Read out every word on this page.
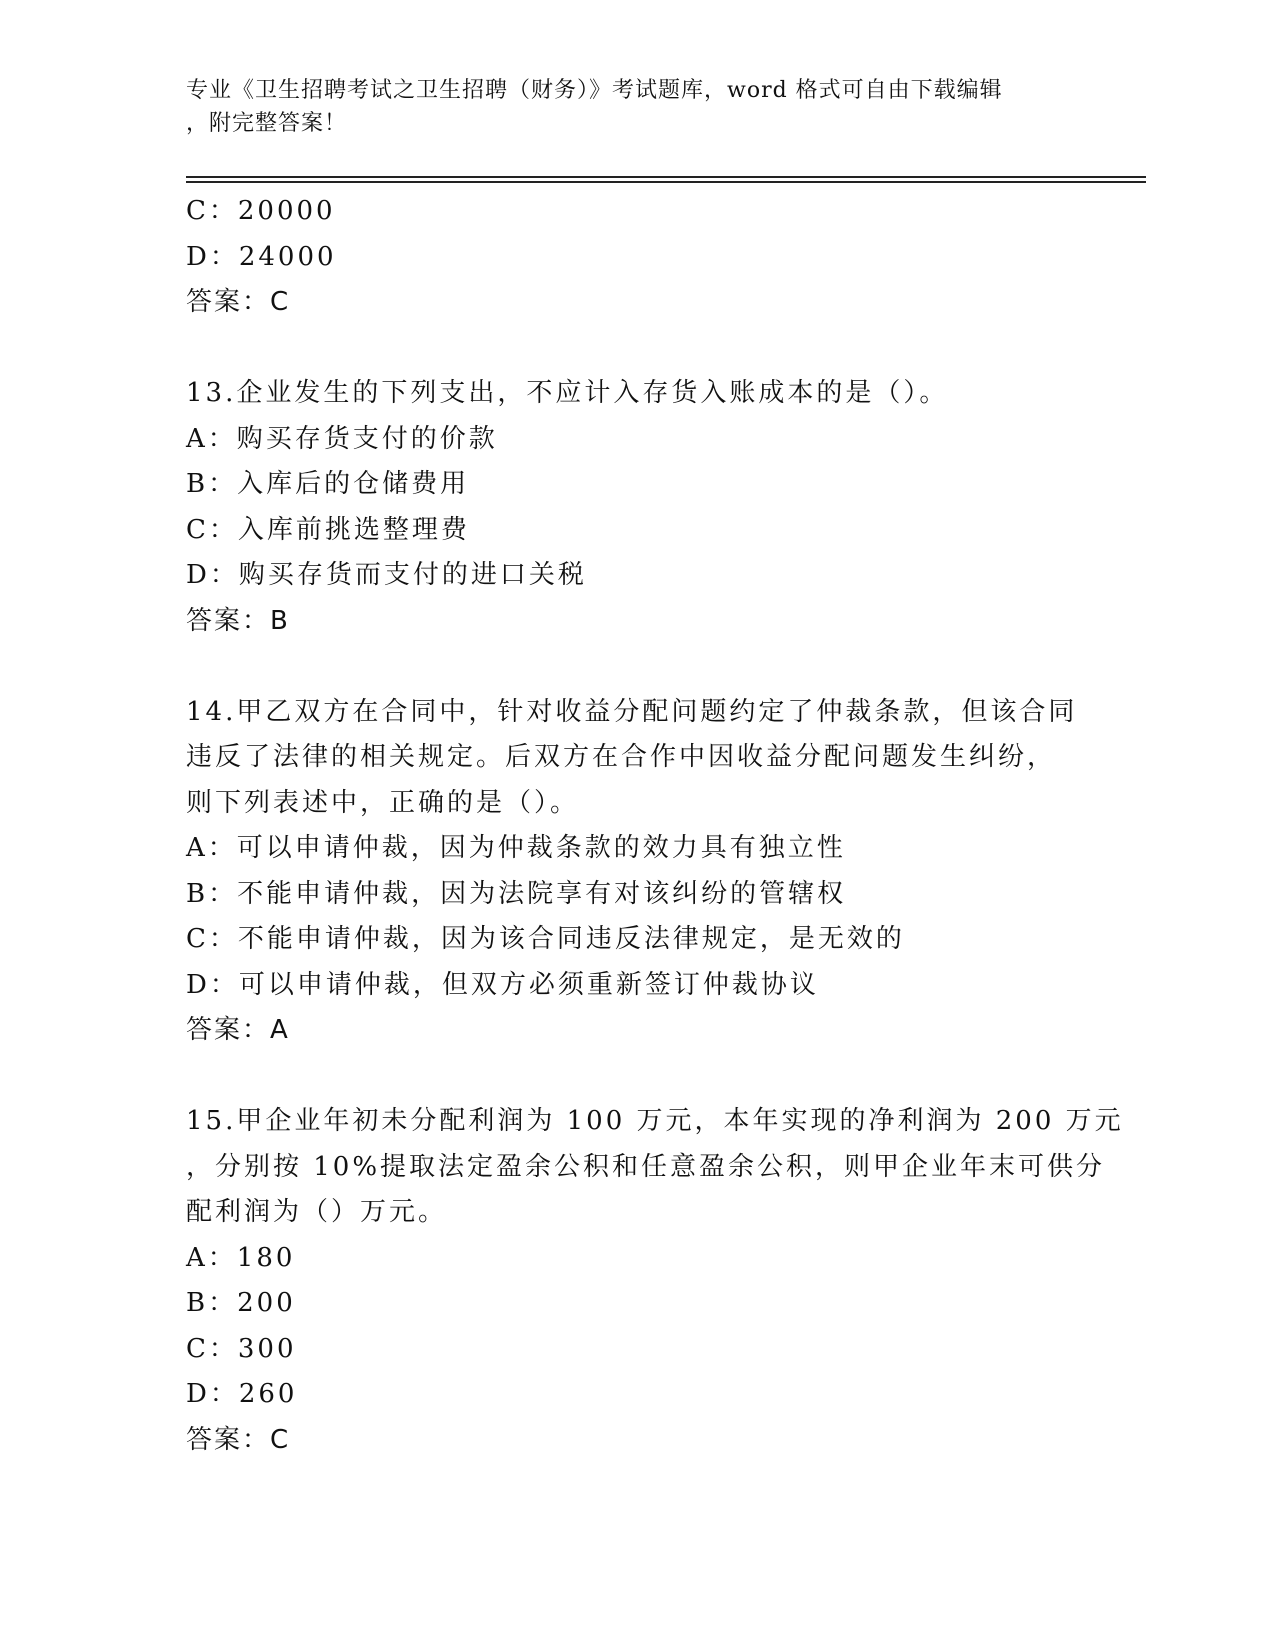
专业《卫生招聘考试之卫生招聘（财务）》考试题库，word 格式可自由下载编辑
，附完整答案！
C：20000
D：24000
答案：C
13.企业发生的下列支出，不应计入存货入账成本的是（）。
A：购买存货支付的价款
B：入库后的仓储费用
C：入库前挑选整理费
D：购买存货而支付的进口关税
答案：B
14.甲乙双方在合同中，针对收益分配问题约定了仲裁条款，但该合同
违反了法律的相关规定。后双方在合作中因收益分配问题发生纠纷，
则下列表述中，正确的是（）。
A：可以申请仲裁，因为仲裁条款的效力具有独立性
B：不能申请仲裁，因为法院享有对该纠纷的管辖权
C：不能申请仲裁，因为该合同违反法律规定，是无效的
D：可以申请仲裁，但双方必须重新签订仲裁协议
答案：A
15.甲企业年初未分配利润为 100 万元，本年实现的净利润为 200 万元
，分别按 10%提取法定盈余公积和任意盈余公积，则甲企业年末可供分
配利润为（）万元。
A：180
B：200
C：300
D：260
答案：C
